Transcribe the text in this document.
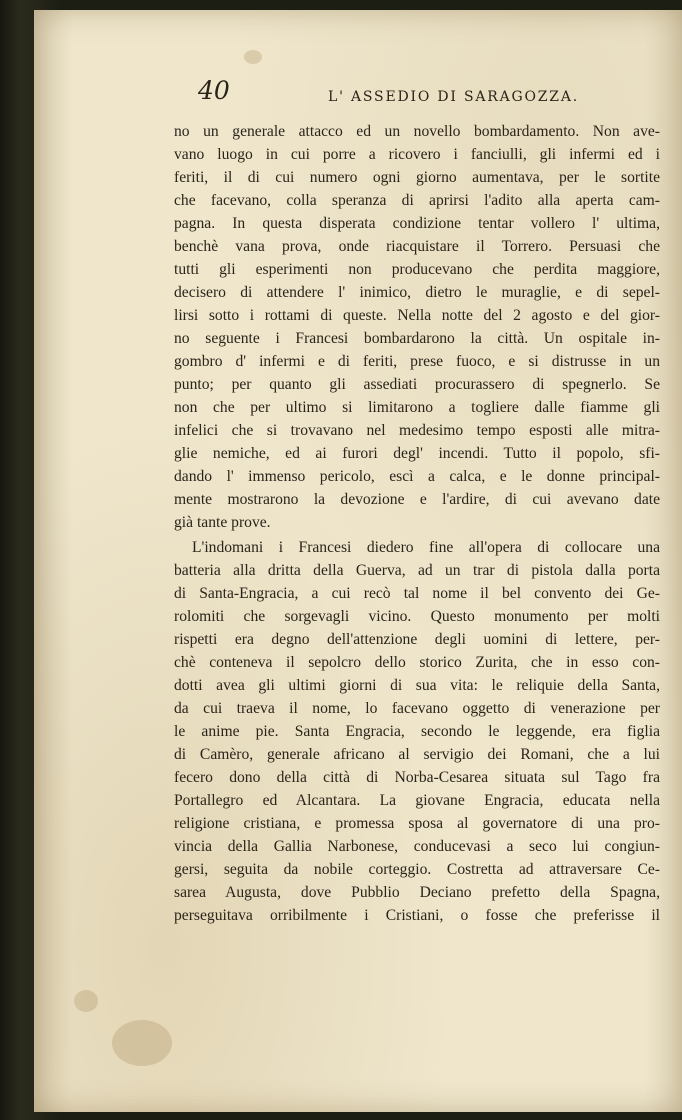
40	L' ASSEDIO DI SARAGOZZA.
no un generale attacco ed un novello bombardamento. Non ave-
vano luogo in cui porre a ricovero i fanciulli, gli infermi ed i
feriti, il di cui numero ogni giorno aumentava, per le sortite
che facevano, colla speranza di aprirsi l'adito alla aperta cam-
pagna. In questa disperata condizione tentar vollero l' ultima,
benchè vana prova, onde riacquistare il Torrero. Persuasi che
tutti gli esperimenti non producevano che perdita maggiore,
decisero di attendere l' inimico, dietro le muraglie, e di sepel-
lirsi sotto i rottami di queste. Nella notte del 2 agosto e del gior-
no seguente i Francesi bombardarono la città. Un ospitale in-
gombro d' infermi e di feriti, prese fuoco, e si distrusse in un
punto; per quanto gli assediati procurassero di spegnerlo. Se
non che per ultimo si limitarono a togliere dalle fiamme gli
infelici che si trovavano nel medesimo tempo esposti alle mitra-
glie nemiche, ed ai furori degl' incendi. Tutto il popolo, sfi-
dando l' immenso pericolo, escì a calca, e le donne principal-
mente mostrarono la devozione e l'ardire, di cui avevano date
già tante prove.
L'indomani i Francesi diedero fine all'opera di collocare una
batteria alla dritta della Guerva, ad un trar di pistola dalla porta
di Santa-Engracia, a cui recò tal nome il bel convento dei Ge-
rolomiti che sorgevagli vicino. Questo monumento per molti
rispetti era degno dell'attenzione degli uomini di lettere, per-
chè conteneva il sepolcro dello storico Zurita, che in esso con-
dotti avea gli ultimi giorni di sua vita: le reliquie della Santa,
da cui traeva il nome, lo facevano oggetto di venerazione per
le anime pie. Santa Engracia, secondo le leggende, era figlia
di Camèro, generale africano al servigio dei Romani, che a lui
fecero dono della città di Norba-Cesarea situata sul Tago fra
Portallegro ed Alcantara. La giovane Engracia, educata nella
religione cristiana, e promessa sposa al governatore di una pro-
vincia della Gallia Narbonese, conducevasi a seco lui congiun-
gersi, seguita da nobile corteggio. Costretta ad attraversare Ce-
sarea Augusta, dove Pubblio Deciano prefetto della Spagna,
perseguitava orribilmente i Cristiani, o fosse che preferisse il
